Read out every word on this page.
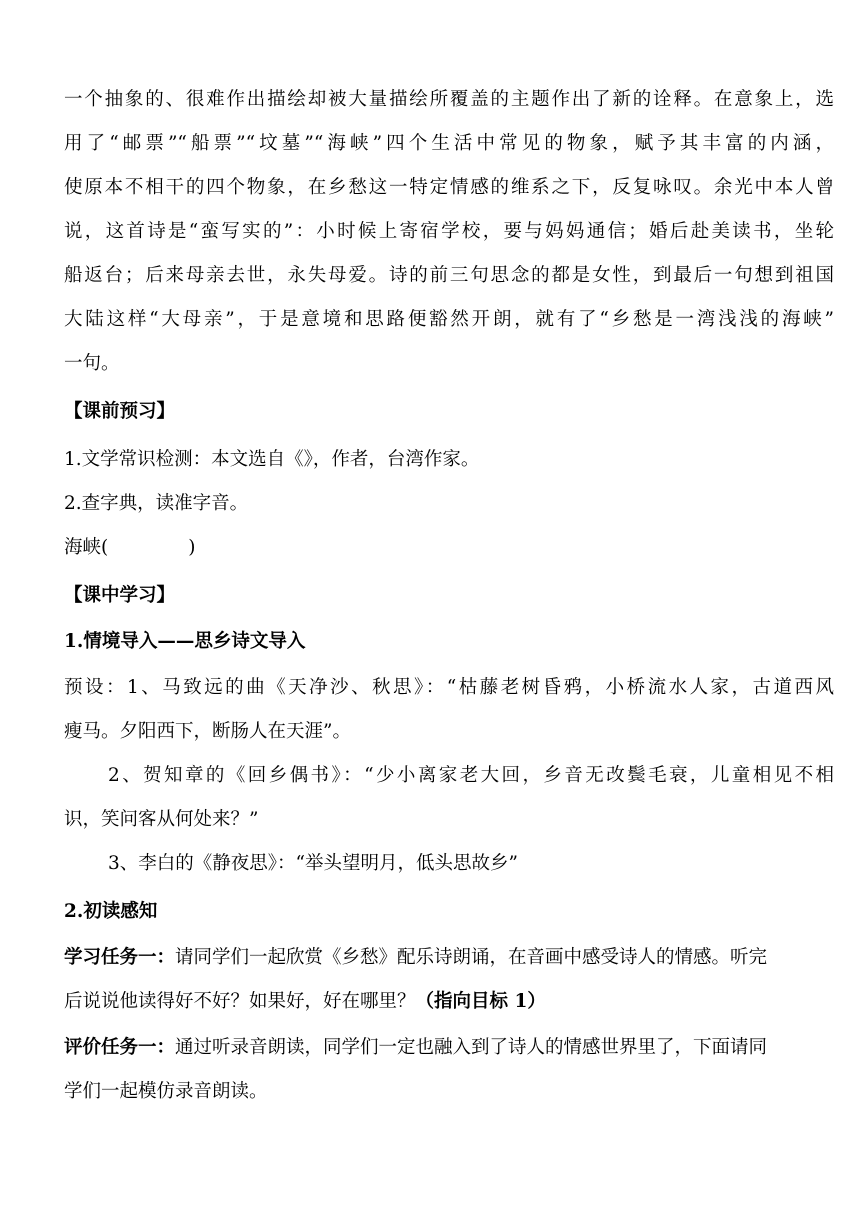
一个抽象的、很难作出描绘却被大量描绘所覆盖的主题作出了新的诠释。在意象上，选
用了“邮票”“船票”“坟墓”“海峡”四个生活中常见的物象，赋予其丰富的内涵，
使原本不相干的四个物象，在乡愁这一特定情感的维系之下，反复咏叹。余光中本人曾
说，这首诗是“蛮写实的”：小时候上寄宿学校，要与妈妈通信；婚后赴美读书，坐轮
船返台；后来母亲去世，永失母爱。诗的前三句思念的都是女性，到最后一句想到祖国
大陆这样“大母亲”，于是意境和思路便豁然开朗，就有了“乡愁是一湾浅浅的海峡”
一句。
【课前预习】
1.文学常识检测：本文选自《》，作者，台湾作家。
2.查字典，读准字音。
海峡(	)
【课中学习】
1.情境导入——思乡诗文导入
预设：1、马致远的曲《天净沙、秋思》：“枯藤老树昏鸦，小桥流水人家，古道西风
瘦马。夕阳西下，断肠人在天涯”。
2、贺知章的《回乡偶书》：“少小离家老大回，乡音无改鬓毛衰，儿童相见不相
识，笑问客从何处来？”
3、李白的《静夜思》：“举头望明月，低头思故乡”
2.初读感知
学习任务一：请同学们一起欣赏《乡愁》配乐诗朗诵，在音画中感受诗人的情感。听完
后说说他读得好不好？如果好，好在哪里？（指向目标 1）
评价任务一：通过听录音朗读，同学们一定也融入到了诗人的情感世界里了，下面请同
学们一起模仿录音朗读。
